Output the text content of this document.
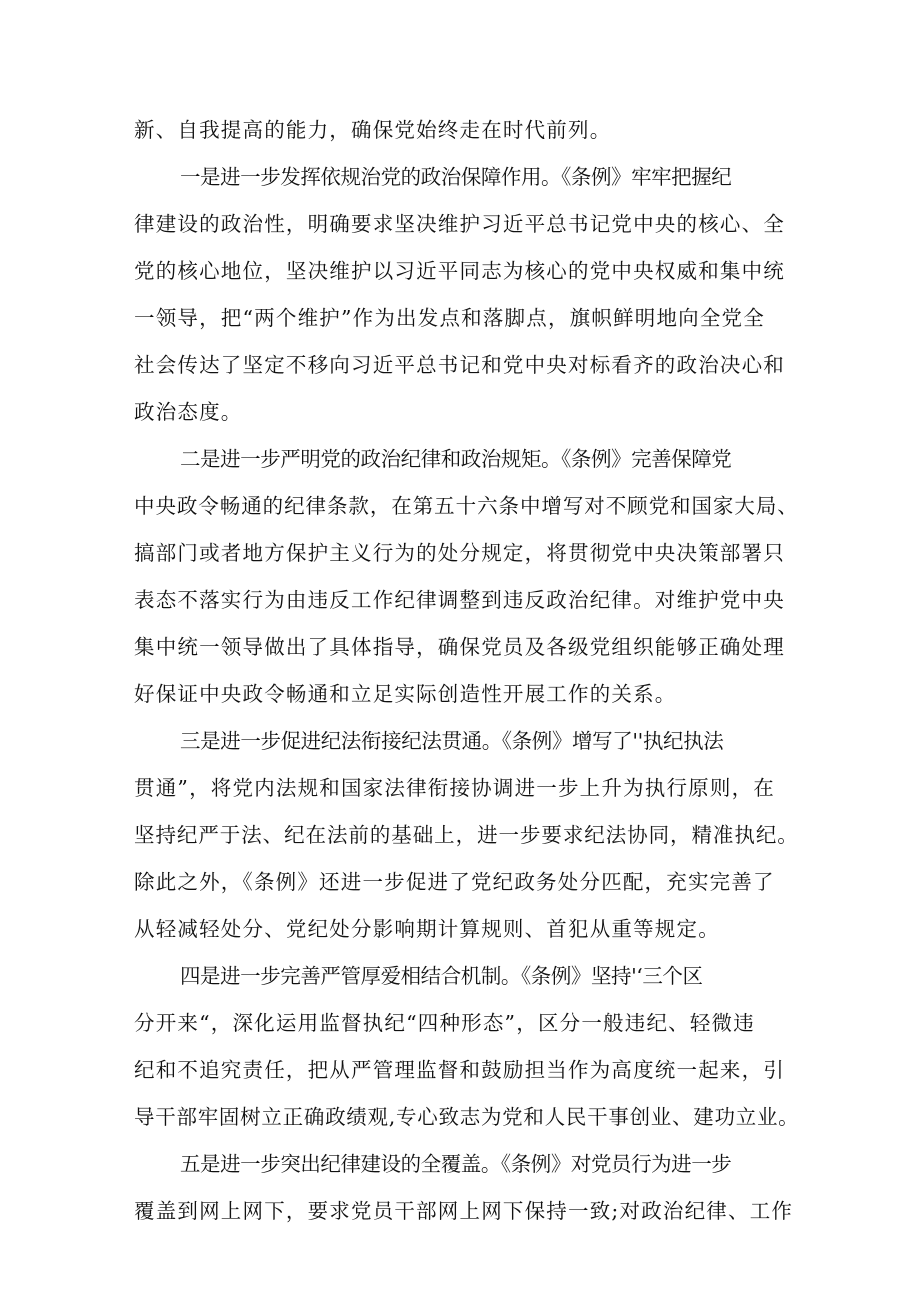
新、自我提高的能力，确保党始终走在时代前列。
一是进一步发挥依规治党的政治保障作用。《条例》牢牢把握纪
律建设的政治性，明确要求坚决维护习近平总书记党中央的核心、全
党的核心地位，坚决维护以习近平同志为核心的党中央权威和集中统
一领导，把“两个维护”作为出发点和落脚点，旗帜鲜明地向全党全
社会传达了坚定不移向习近平总书记和党中央对标看齐的政治决心和
政治态度。
二是进一步严明党的政治纪律和政治规矩。《条例》完善保障党
中央政令畅通的纪律条款，在第五十六条中增写对不顾党和国家大局、
搞部门或者地方保护主义行为的处分规定，将贯彻党中央决策部署只
表态不落实行为由违反工作纪律调整到违反政治纪律。对维护党中央
集中统一领导做出了具体指导，确保党员及各级党组织能够正确处理
好保证中央政令畅通和立足实际创造性开展工作的关系。
三是进一步促进纪法衔接纪法贯通。《条例》增写了''执纪执法
贯通”，将党内法规和国家法律衔接协调进一步上升为执行原则，在
坚持纪严于法、纪在法前的基础上，进一步要求纪法协同，精准执纪。
除此之外，《条例》还进一步促进了党纪政务处分匹配，充实完善了
从轻减轻处分、党纪处分影响期计算规则、首犯从重等规定。
四是进一步完善严管厚爱相结合机制。《条例》坚持'‘三个区
分开来“，深化运用监督执纪“四种形态”，区分一般违纪、轻微违
纪和不追究责任，把从严管理监督和鼓励担当作为高度统一起来，引
导干部牢固树立正确政绩观,专心致志为党和人民干事创业、建功立业。
五是进一步突出纪律建设的全覆盖。《条例》对党员行为进一步
覆盖到网上网下，要求党员干部网上网下保持一致;对政治纪律、工作
